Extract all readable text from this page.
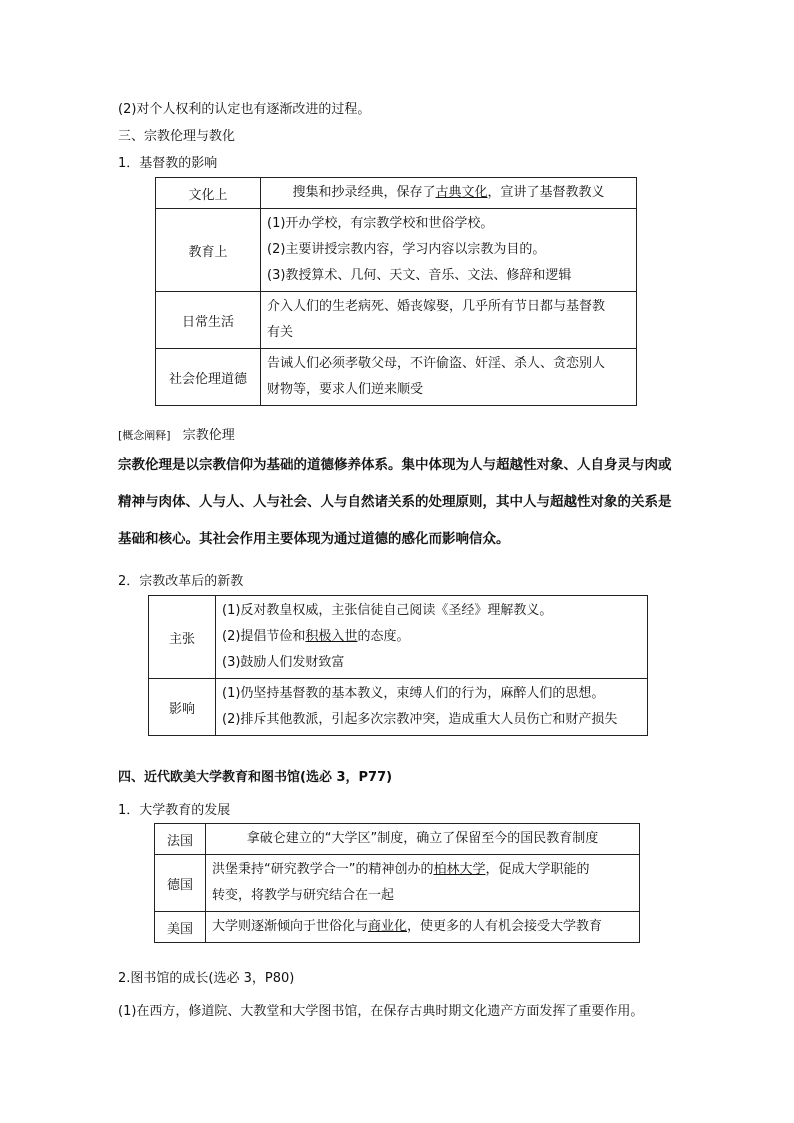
(2)对个人权利的认定也有逐渐改进的过程。
三、宗教伦理与教化
1．基督教的影响
文化上	搜集和抄录经典，保存了古典文化，宣讲了基督教教义

教育上	(1)开办学校，有宗教学校和世俗学校。

(2)主要讲授宗教内容，学习内容以宗教为目的。

(3)教授算术、几何、天文、音乐、文法、修辞和逻辑

日常生活	介入人们的生老病死、婚丧嫁娶，几乎所有节日都与基督教

有关

社会伦理道德	告诫人们必须孝敬父母，不许偷盗、奸淫、杀人、贪恋别人

财物等，要求人们逆来顺受

[概念阐释] 宗教伦理
宗教伦理是以宗教信仰为基础的道德修养体系。集中体现为人与超越性对象、人自身灵与肉或精神与肉体、人与人、人与社会、人与自然诸关系的处理原则，其中人与超越性对象的关系是基础和核心。其社会作用主要体现为通过道德的感化而影响信众。
2．宗教改革后的新教
主张	(1)反对教皇权威，主张信徒自己阅读《圣经》理解教义。

(2)提倡节俭和积极入世的态度。

(3)鼓励人们发财致富

影响	(1)仍坚持基督教的基本教义，束缚人们的行为，麻醉人们的思想。

(2)排斥其他教派，引起多次宗教冲突，造成重大人员伤亡和财产损失

四、近代欧美大学教育和图书馆(选必 3，P77)
1．大学教育的发展
法国	拿破仑建立的“大学区”制度，确立了保留至今的国民教育制度

德国	洪堡秉持“研究教学合一”的精神创办的柏林大学，促成大学职能的

转变，将教学与研究结合在一起

美国	大学则逐渐倾向于世俗化与商业化，使更多的人有机会接受大学教育

2.图书馆的成长(选必 3，P80)
(1)在西方，修道院、大教堂和大学图书馆，在保存古典时期文化遗产方面发挥了重要作用。
